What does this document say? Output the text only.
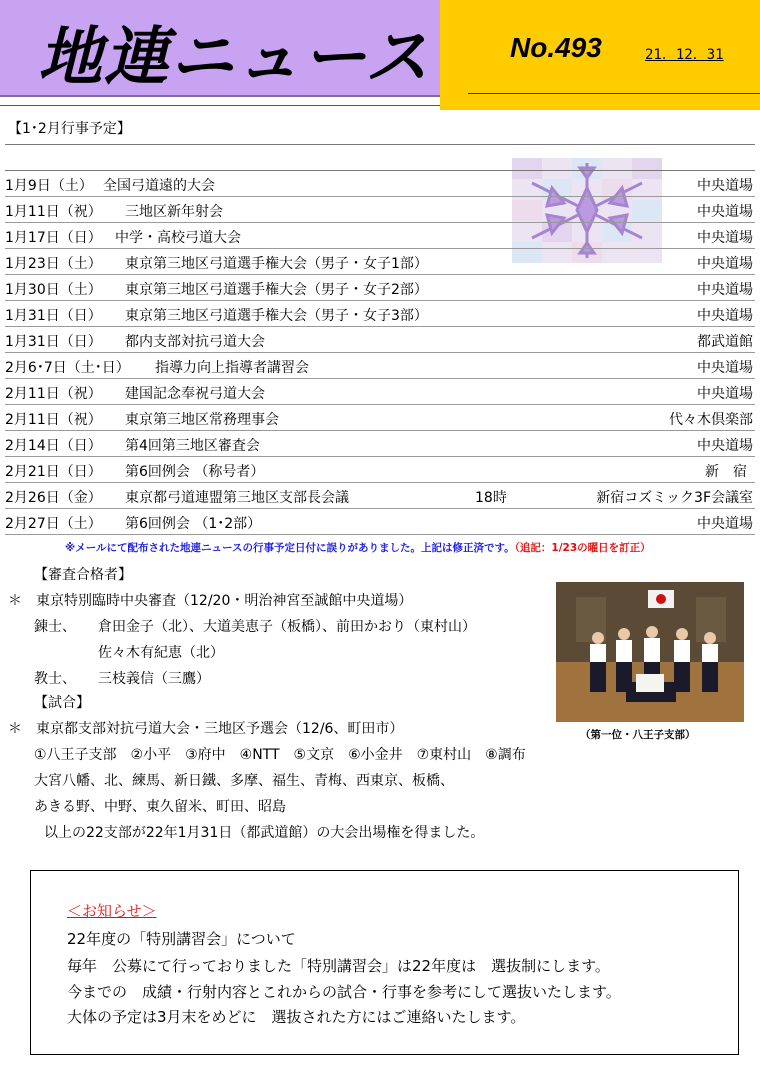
地連ニュース	No.493	21．12．31
【1･2月行事予定】
1月9日（土） 全国弓道遠的大会	中央道場
1月11日（祝） 三地区新年射会	中央道場
1月17日（日） 中学・高校弓道大会	中央道場
1月23日（土） 東京第三地区弓道選手権大会（男子・女子1部）	中央道場
1月30日（土） 東京第三地区弓道選手権大会（男子・女子2部）	中央道場
1月31日（日） 東京第三地区弓道選手権大会（男子・女子3部）	中央道場
1月31日（日） 都内支部対抗弓道大会	都武道館
2月6･7日（土･日） 指導力向上指導者講習会	中央道場
2月11日（祝） 建国記念奉祝弓道大会	中央道場
2月11日（祝） 東京第三地区常務理事会	代々木倶楽部
2月14日（日） 第4回第三地区審査会	中央道場
2月21日（日） 第6回例会 （称号者）	新　宿
2月26日（金） 東京都弓道連盟第三地区支部長会議	18時	新宿コズミック3F会議室
2月27日（土） 第6回例会 （1･2部）	中央道場
※メールにて配布された地連ニュースの行事予定日付に誤りがありました。上記は修正済です。（追記：1/23の曜日を訂正）
【審査合格者】
＊　東京特別臨時中央審査（12/20・明治神宮至誠館中央道場）
錬士、 倉田金子（北）、大道美恵子（板橋）、前田かおり（東村山）
佐々木有紀恵（北）
教士、 三枝義信（三鷹）
【試合】
＊　東京都支部対抗弓道大会・三地区予選会（12/6、町田市）
①八王子支部　②小平　③府中　④NTT　⑤文京　⑥小金井　⑦東村山　⑧調布
大宮八幡、北、練馬、新日鐵、多摩、福生、青梅、西東京、板橋、
あきる野、中野、東久留米、町田、昭島
以上の22支部が22年1月31日（都武道館）の大会出場権を得ました。
（第一位・八王子支部）
＜お知らせ＞
22年度の「特別講習会」について
毎年　公募にて行っておりました「特別講習会」は22年度は　選抜制にします。
今までの　成績・行射内容とこれからの試合・行事を参考にして選抜いたします。
大体の予定は3月末をめどに　選抜された方にはご連絡いたします。
